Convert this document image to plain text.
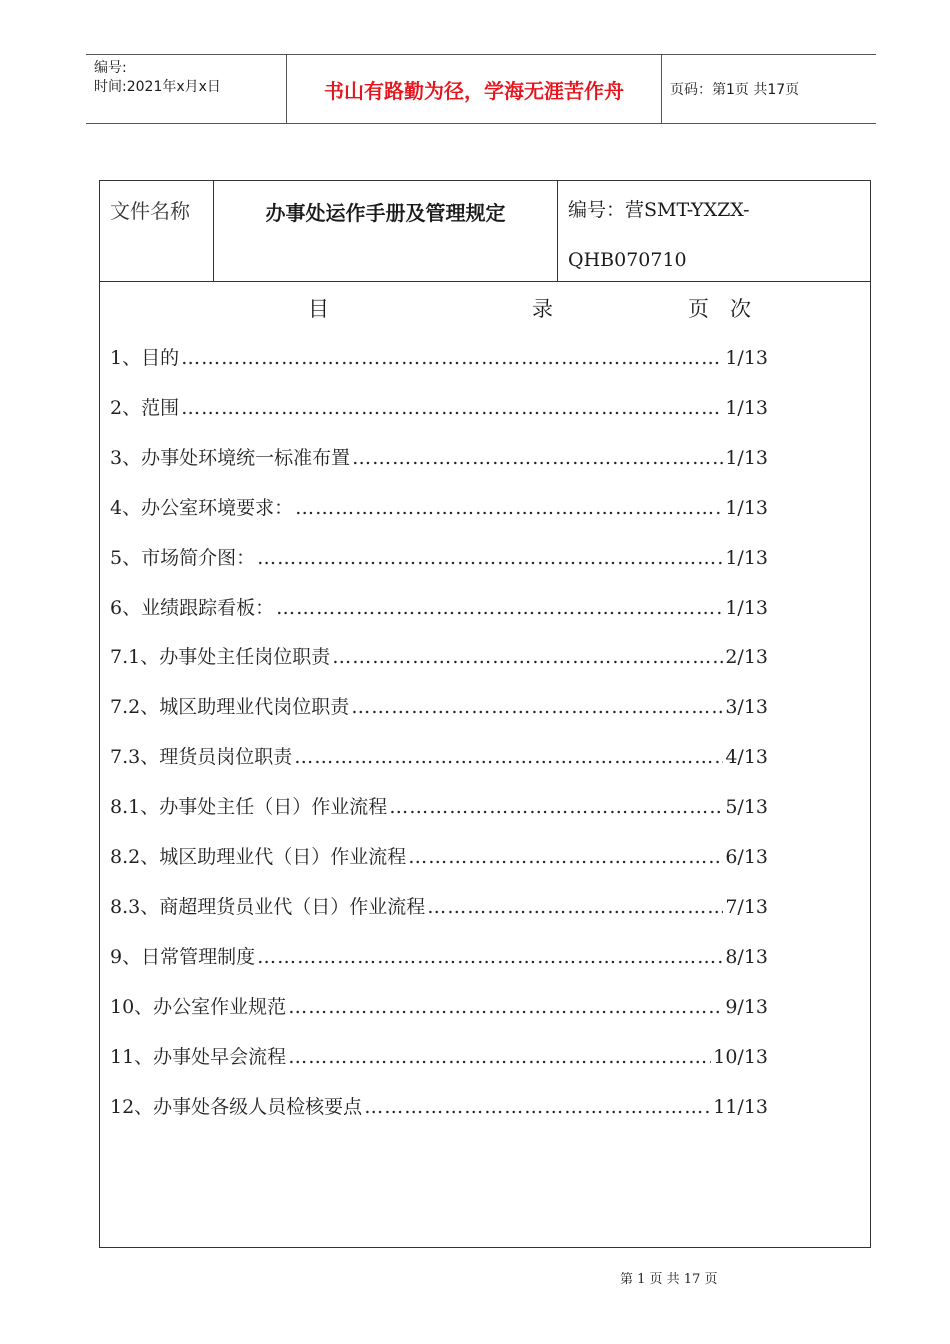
编号:
时间:2021年x月x日	书山有路勤为径，学海无涯苦作舟	页码：第1页 共17页
文件名称	办事处运作手册及管理规定	编号：营SMT-YXZX-
QHB070710
目	录	页　次
1、目的 …………………………………………………………………………………………………………………………	1/13
2、范围 …………………………………………………………………………………………………………………………	1/13
3、办事处环境统一标准布置 …………………………………………………………………………………………………………………………	1/13
4、办公室环境要求： …………………………………………………………………………………………………………………………	1/13
5、市场简介图： …………………………………………………………………………………………………………………………	1/13
6、业绩跟踪看板： …………………………………………………………………………………………………………………………	1/13
7.1、办事处主任岗位职责 …………………………………………………………………………………………………………………………	2/13
7.2、城区助理业代岗位职责 …………………………………………………………………………………………………………………………	3/13
7.3、理货员岗位职责 …………………………………………………………………………………………………………………………	4/13
8.1、办事处主任（日）作业流程 …………………………………………………………………………………………………………………………	5/13
8.2、城区助理业代（日）作业流程 …………………………………………………………………………………………………………………………	6/13
8.3、商超理货员业代（日）作业流程 …………………………………………………………………………………………………………………………	7/13
9、日常管理制度 …………………………………………………………………………………………………………………………	8/13
10、办公室作业规范 …………………………………………………………………………………………………………………………	9/13
11、办事处早会流程 …………………………………………………………………………………………………………………………	10/13
12、办事处各级人员检核要点 …………………………………………………………………………………………………………………………	11/13
第 1 页 共 17 页
